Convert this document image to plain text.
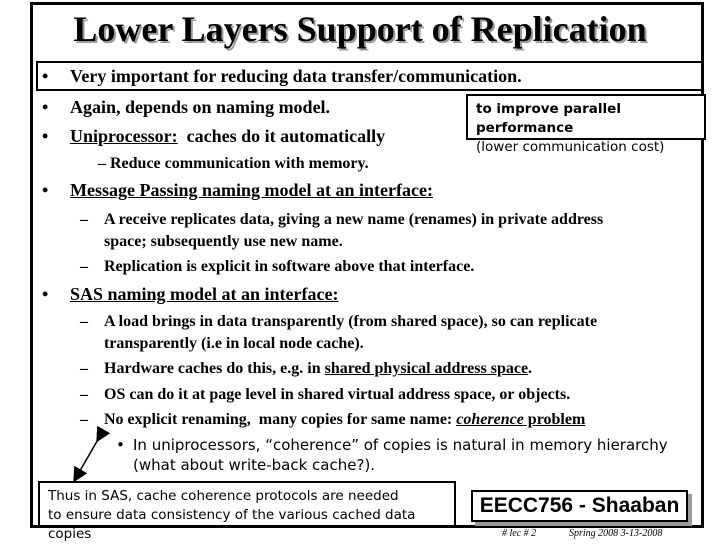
Lower Layers Support of Replication
• Very important for reducing data transfer/communication.
• Again, depends on naming model.
• Uniprocessor:  caches do it automatically
– Reduce communication with memory.
• Message Passing naming model at an interface:
– A receive replicates data, giving a new name (renames) in private address
space; subsequently use new name.
– Replication is explicit in software above that interface.
• SAS naming model at an interface:
– A load brings in data transparently (from shared space), so can replicate
transparently (i.e in local node cache).
– Hardware caches do this, e.g. in shared physical address space.
– OS can do it at page level in shared virtual address space, or objects.
– No explicit renaming,  many copies for same name: coherence problem
• In uniprocessors, “coherence” of copies is natural in memory hierarchy
(what about write-back cache?).
to improve parallel performance
(lower communication cost)
Thus in SAS, cache coherence protocols are needed
to ensure data consistency of the various cached data copies
EECC756 - Shaaban
# lec # 2	Spring 2008 3-13-2008
